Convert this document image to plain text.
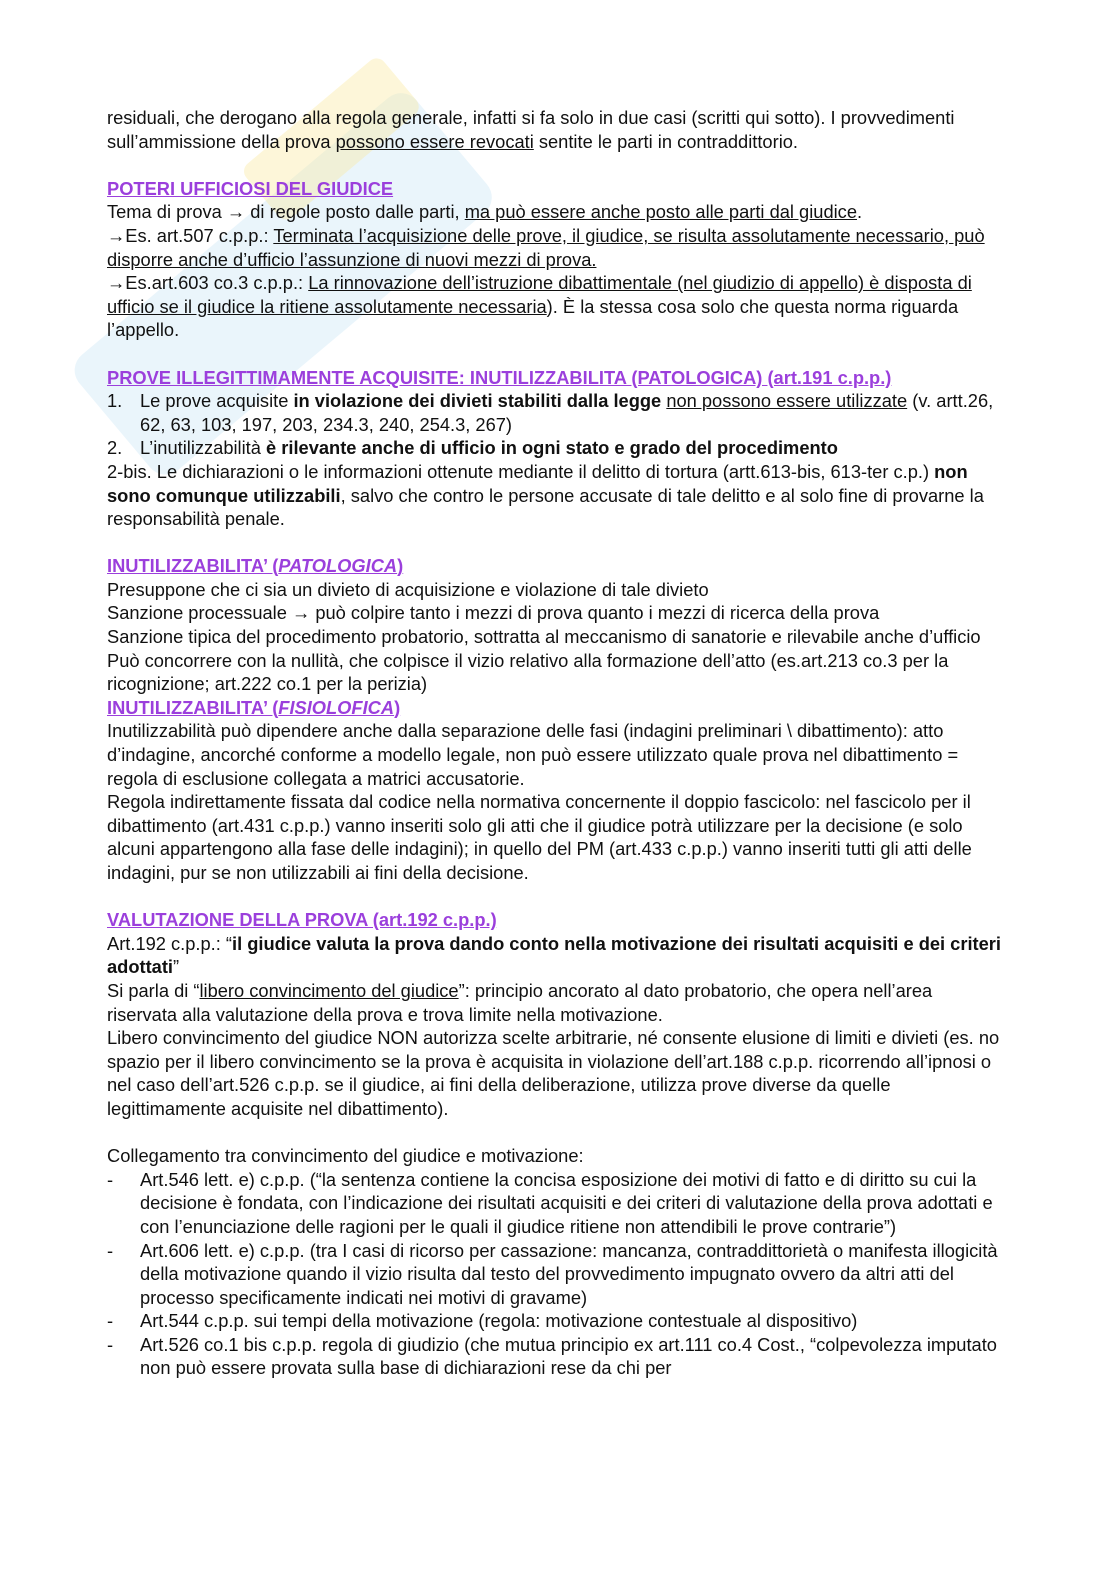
residuali, che derogano alla regola generale, infatti si fa solo in due casi (scritti qui sotto). I provvedimenti sull’ammissione della prova possono essere revocati sentite le parti in contraddittorio.

POTERI UFFICIOSI DEL GIUDICE

Tema di prova → di regole posto dalle parti, ma può essere anche posto alle parti dal giudice.

→Es. art.507 c.p.p.: Terminata l’acquisizione delle prove, il giudice, se risulta assolutamente necessario, può disporre anche d’ufficio l’assunzione di nuovi mezzi di prova.

→Es.art.603 co.3 c.p.p.: La rinnovazione dell’istruzione dibattimentale (nel giudizio di appello) è disposta di ufficio se il giudice la ritiene assolutamente necessaria). È la stessa cosa solo che questa norma riguarda l’appello.

PROVE ILLEGITTIMAMENTE ACQUISITE: INUTILIZZABILITA (PATOLOGICA) (art.191 c.p.p.)

1. Le prove acquisite in violazione dei divieti stabiliti dalla legge non possono essere utilizzate (v. artt.26, 62, 63, 103, 197, 203, 234.3, 240, 254.3, 267)
2. L’inutilizzabilità è rilevante anche di ufficio in ogni stato e grado del procedimento

2-bis. Le dichiarazioni o le informazioni ottenute mediante il delitto di tortura (artt.613-bis, 613-ter c.p.) non sono comunque utilizzabili, salvo che contro le persone accusate di tale delitto e al solo fine di provarne la responsabilità penale.

INUTILIZZABILITA’ (PATOLOGICA)

Presuppone che ci sia un divieto di acquisizione e violazione di tale divieto

Sanzione processuale → può colpire tanto i mezzi di prova quanto i mezzi di ricerca della prova

Sanzione tipica del procedimento probatorio, sottratta al meccanismo di sanatorie e rilevabile anche d’ufficio

Può concorrere con la nullità, che colpisce il vizio relativo alla formazione dell’atto (es.art.213 co.3 per la ricognizione; art.222 co.1 per la perizia)

INUTILIZZABILITA’ (FISIOLOFICA)

Inutilizzabilità può dipendere anche dalla separazione delle fasi (indagini preliminari \ dibattimento): atto d’indagine, ancorché conforme a modello legale, non può essere utilizzato quale prova nel dibattimento = regola di esclusione collegata a matrici accusatorie.

Regola indirettamente fissata dal codice nella normativa concernente il doppio fascicolo: nel fascicolo per il dibattimento (art.431 c.p.p.) vanno inseriti solo gli atti che il giudice potrà utilizzare per la decisione (e solo alcuni appartengono alla fase delle indagini); in quello del PM (art.433 c.p.p.) vanno inseriti tutti gli atti delle indagini, pur se non utilizzabili ai fini della decisione.

VALUTAZIONE DELLA PROVA (art.192 c.p.p.)

Art.192 c.p.p.: “il giudice valuta la prova dando conto nella motivazione dei risultati acquisiti e dei criteri adottati”

Si parla di “libero convincimento del giudice”: principio ancorato al dato probatorio, che opera nell’area riservata alla valutazione della prova e trova limite nella motivazione.

Libero convincimento del giudice NON autorizza scelte arbitrarie, né consente elusione di limiti e divieti (es. no spazio per il libero convincimento se la prova è acquisita in violazione dell’art.188 c.p.p. ricorrendo all’ipnosi o nel caso dell’art.526 c.p.p. se il giudice, ai fini della deliberazione, utilizza prove diverse da quelle legittimamente acquisite nel dibattimento).

Collegamento tra convincimento del giudice e motivazione:

-	Art.546 lett. e) c.p.p. (“la sentenza contiene la concisa esposizione dei motivi di fatto e di diritto su cui la decisione è fondata, con l’indicazione dei risultati acquisiti e dei criteri di valutazione della prova adottati e con l’enunciazione delle ragioni per le quali il giudice ritiene non attendibili le prove contrarie”)
-	Art.606 lett. e) c.p.p. (tra I casi di ricorso per cassazione: mancanza, contraddittorietà o manifesta illogicità della motivazione quando il vizio risulta dal testo del provvedimento impugnato ovvero da altri atti del processo specificamente indicati nei motivi di gravame)
-	Art.544 c.p.p. sui tempi della motivazione (regola: motivazione contestuale al dispositivo)
-	Art.526 co.1 bis c.p.p. regola di giudizio (che mutua principio ex art.111 co.4 Cost., “colpevolezza imputato non può essere provata sulla base di dichiarazioni rese da chi per
